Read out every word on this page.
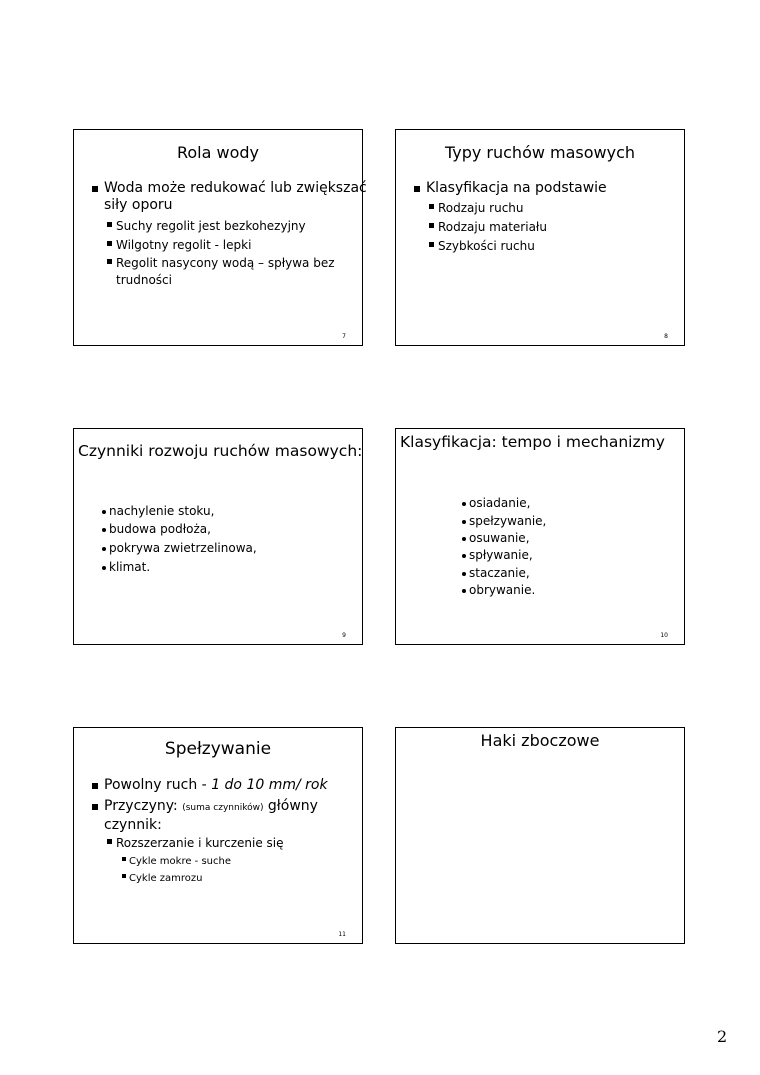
Rola wody
Woda może redukować lub zwiększać
siły oporu
Suchy regolit jest bezkohezyjny
Wilgotny regolit - lepki
Regolit nasycony wodą – spływa bez
trudności
7
Typy ruchów masowych
Klasyfikacja na podstawie
Rodzaju ruchu
Rodzaju materiału
Szybkości ruchu
8
Czynniki rozwoju ruchów masowych:
nachylenie stoku,
budowa podłoża,
pokrywa zwietrzelinowa,
klimat.
9
Klasyfikacja: tempo i mechanizmy
osiadanie,
spełzywanie,
osuwanie,
spływanie,
staczanie,
obrywanie.
10
Spełzywanie
Powolny ruch - 1 do 10 mm/ rok
Przyczyny: (suma czynników) główny
czynnik:
Rozszerzanie i kurczenie się
Cykle mokre - suche
Cykle zamrozu
11
Haki zboczowe
2
